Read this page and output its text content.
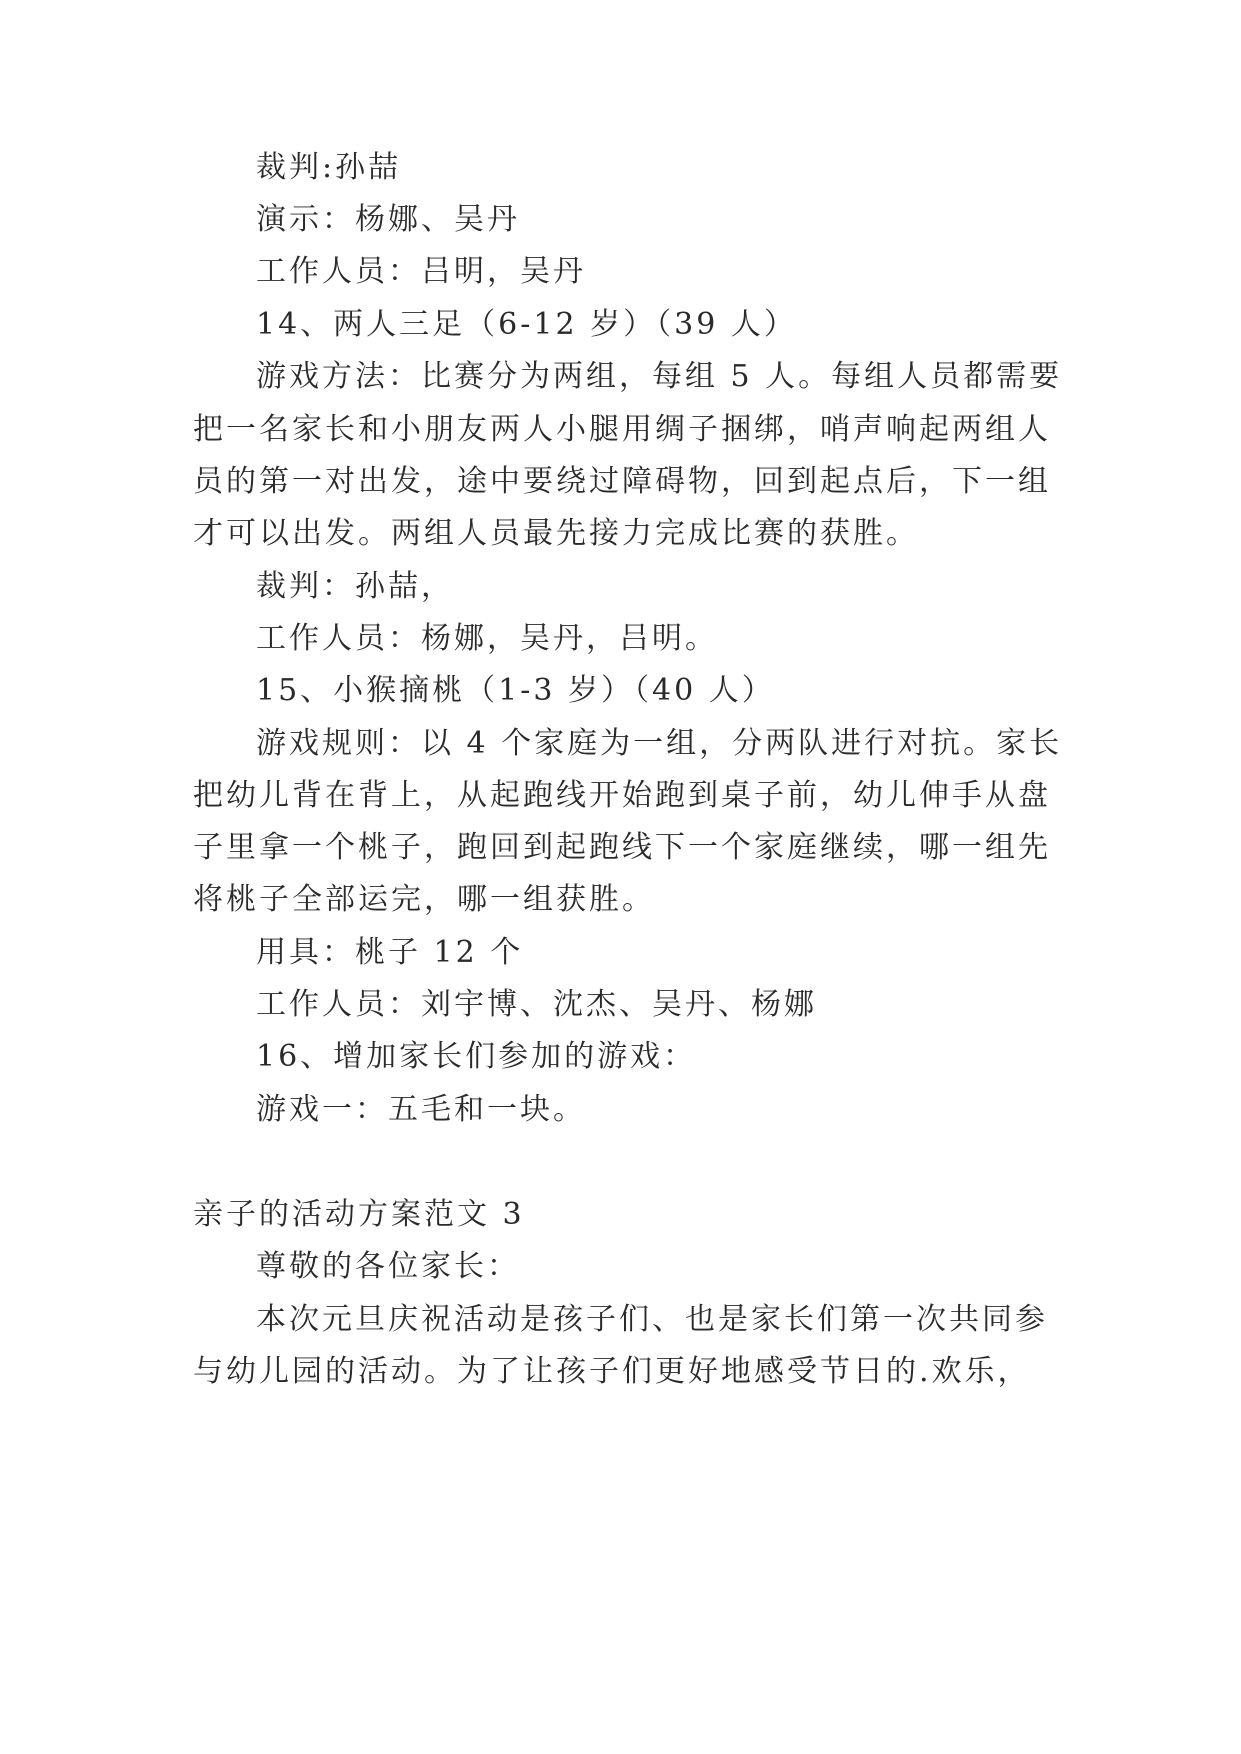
裁判:孙喆
演示：杨娜、吴丹
工作人员：吕明，吴丹
14、两人三足（6-12 岁）（39 人）
游戏方法：比赛分为两组，每组 5 人。每组人员都需要
把一名家长和小朋友两人小腿用绸子捆绑，哨声响起两组人
员的第一对出发，途中要绕过障碍物，回到起点后，下一组
才可以出发。两组人员最先接力完成比赛的获胜。
裁判：孙喆，
工作人员：杨娜，吴丹，吕明。
15、小猴摘桃（1-3 岁）（40 人）
游戏规则：以 4 个家庭为一组，分两队进行对抗。家长
把幼儿背在背上，从起跑线开始跑到桌子前，幼儿伸手从盘
子里拿一个桃子，跑回到起跑线下一个家庭继续，哪一组先
将桃子全部运完，哪一组获胜。
用具：桃子 12 个
工作人员：刘宇博、沈杰、吴丹、杨娜
16、增加家长们参加的游戏：
游戏一：五毛和一块。
亲子的活动方案范文 3
尊敬的各位家长：
本次元旦庆祝活动是孩子们、也是家长们第一次共同参
与幼儿园的活动。为了让孩子们更好地感受节日的.欢乐，
